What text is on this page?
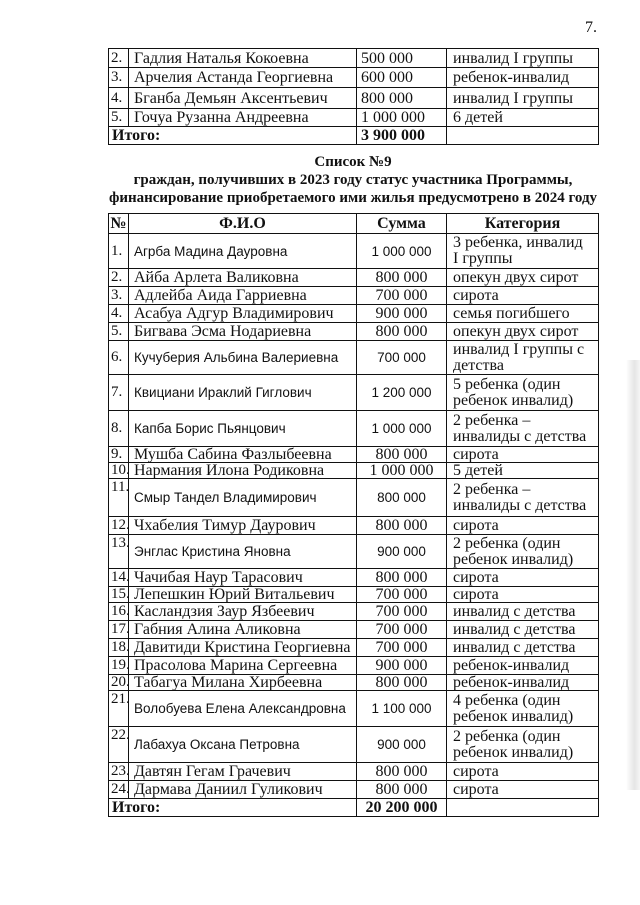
7.
2.	Гадлия Наталья Кокоевна	500 000	инвалид I группы
3.	Арчелия Астанда Георгиевна	600 000	ребенок-инвалид
4.	Бганба Демьян Аксентьевич	800 000	инвалид I группы
5.	Гочуа Рузанна Андреевна	1 000 000	6 детей
Итого:		3 900 000	
Список №9
граждан, получивших в 2023 году статус участника Программы,
финансирование приобретаемого ими жилья предусмотрено в 2024 году
№	Ф.И.О	Сумма	Категория
1.	Агрба Мадина Дауровна	1 000 000	3 ребенка, инвалид
I группы

2.	Айба Арлета Валиковна	800 000	опекун двух сирот
3.	Адлейба Аида Гарриевна	700 000	сирота
4.	Асабуа Адгур Владимирович	900 000	семья погибшего
5.	Бигвава Эсма Нодариевна	800 000	опекун двух сирот
6.	Кучуберия Альбина Валериевна	700 000	инвалид I группы с
детства

7.	Квициани Ираклий Гиглович	1 200 000	5 ребенка (один
ребенок инвалид)

8.	Капба Борис Пьянцович	1 000 000	2 ребенка –
инвалиды с детства

9.	Мушба Сабина Фазлыбеевна	800 000	сирота
10.	Нармания Илона Родиковна	1 000 000	5 детей
11.	Смыр Тандел Владимирович	800 000	2 ребенка –
инвалиды с детства

12.	Чхабелия Тимур Даурович	800 000	сирота
13.	Энглас Кристина Яновна	900 000	2 ребенка (один
ребенок инвалид)

14.	Чачибая Наур Тарасович	800 000	сирота
15.	Лепешкин Юрий Витальевич	700 000	сирота
16.	Касландзия Заур Язбеевич	700 000	инвалид с детства
17.	Габния Алина Аликовна	700 000	инвалид с детства
18.	Давитиди Кристина Георгиевна	700 000	инвалид с детства
19.	Прасолова Марина Сергеевна	900 000	ребенок-инвалид
20.	Табагуа Милана Хирбеевна	800 000	ребенок-инвалид
21.	Волобуева Елена Александровна	1 100 000	4 ребенка (один
ребенок инвалид)

22.	Лабахуа Оксана Петровна	900 000	2 ребенка (один
ребенок инвалид)

23.	Давтян Гегам Грачевич	800 000	сирота
24.	Дармава Даниил Гуликович	800 000	сирота
Итого:		20 200 000	
